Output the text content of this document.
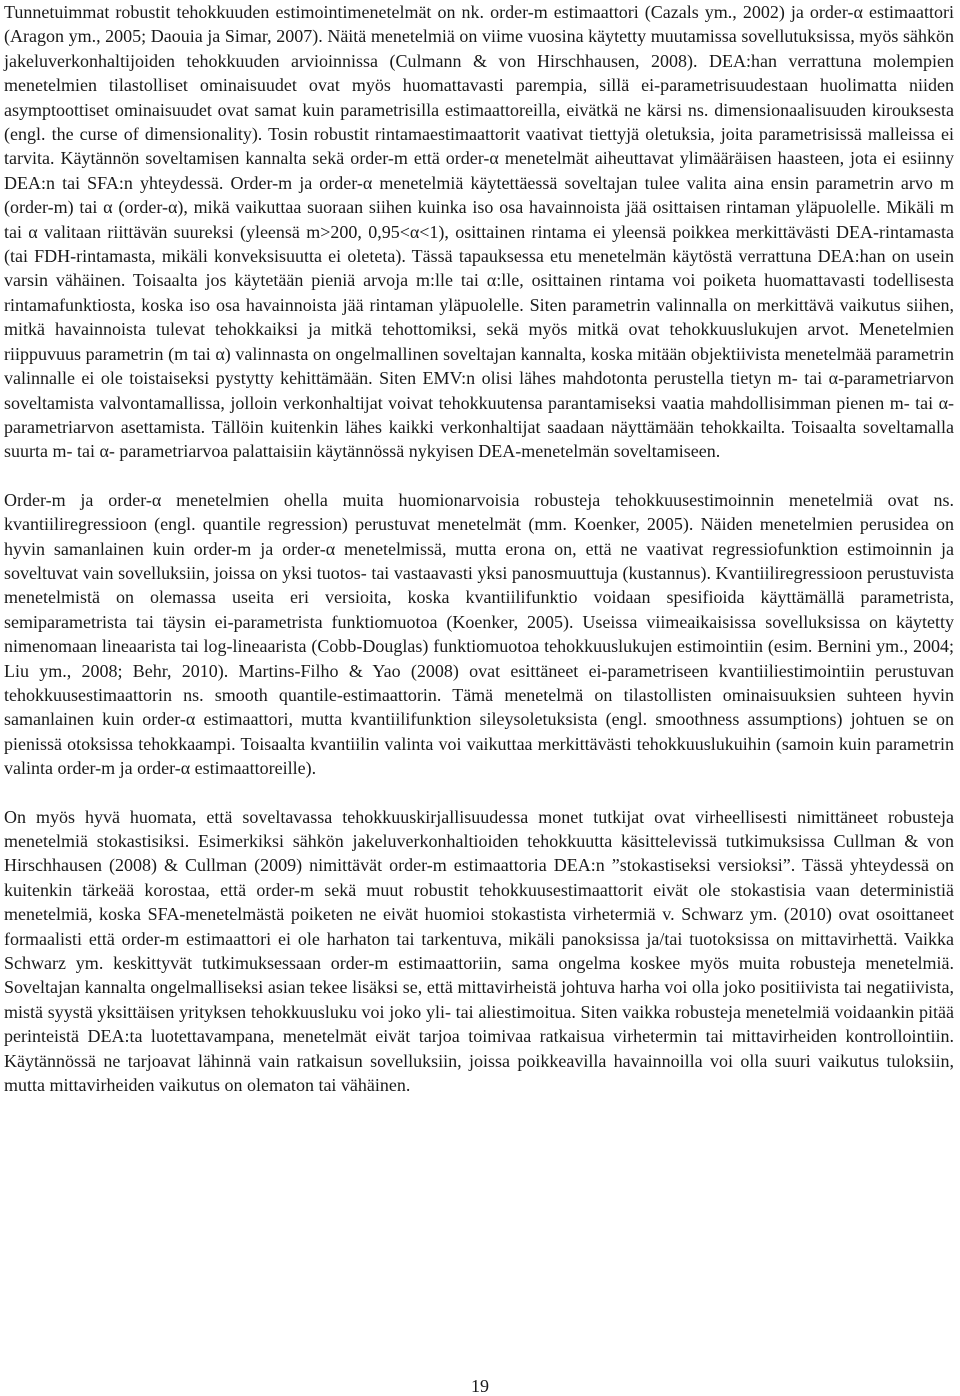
Tunnetuimmat robustit tehokkuuden estimointimenetelmät on nk. order-m estimaattori (Cazals ym., 2002) ja order-α estimaattori (Aragon ym., 2005; Daouia ja Simar, 2007). Näitä menetelmiä on viime vuosina käytetty muutamissa sovellutuksissa, myös sähkön jakeluverkonhaltijoiden tehokkuuden arvioinnissa (Culmann & von Hirschhausen, 2008). DEA:han verrattuna molempien menetelmien tilastolliset ominaisuudet ovat myös huomattavasti parempia, sillä ei-parametrisuudestaan huolimatta niiden asymptoottiset ominaisuudet ovat samat kuin parametrisilla estimaattoreilla, eivätkä ne kärsi ns. dimensionaalisuuden kirouksesta (engl. the curse of dimensionality). Tosin robustit rintamaestimaattorit vaativat tiettyjä oletuksia, joita parametrisissä malleissa ei tarvita. Käytännön soveltamisen kannalta sekä order-m että order-α menetelmät aiheuttavat ylimääräisen haasteen, jota ei esiinny DEA:n tai SFA:n yhteydessä. Order-m ja order-α menetelmiä käytettäessä soveltajan tulee valita aina ensin parametrin arvo m (order-m) tai α (order-α), mikä vaikuttaa suoraan siihen kuinka iso osa havainnoista jää osittaisen rintaman yläpuolelle. Mikäli m tai α valitaan riittävän suureksi (yleensä m>200, 0,95<α<1), osittainen rintama ei yleensä poikkea merkittävästi DEA-rintamasta (tai FDH-rintamasta, mikäli konveksisuutta ei oleteta). Tässä tapauksessa etu menetelmän käytöstä verrattuna DEA:han on usein varsin vähäinen. Toisaalta jos käytetään pieniä arvoja m:lle tai α:lle, osittainen rintama voi poiketa huomattavasti todellisesta rintamafunktiosta, koska iso osa havainnoista jää rintaman yläpuolelle. Siten parametrin valinnalla on merkittävä vaikutus siihen, mitkä havainnoista tulevat tehokkaiksi ja mitkä tehottomiksi, sekä myös mitkä ovat tehokkuuslukujen arvot. Menetelmien riippuvuus parametrin (m tai α) valinnasta on ongelmallinen soveltajan kannalta, koska mitään objektiivista menetelmää parametrin valinnalle ei ole toistaiseksi pystytty kehittämään. Siten EMV:n olisi lähes mahdotonta perustella tietyn m- tai α-parametriarvon soveltamista valvontamallissa, jolloin verkonhaltijat voivat tehokkuutensa parantamiseksi vaatia mahdollisimman pienen m- tai α- parametriarvon asettamista. Tällöin kuitenkin lähes kaikki verkonhaltijat saadaan näyttämään tehokkailta. Toisaalta soveltamalla suurta m- tai α- parametriarvoa palattaisiin käytännössä nykyisen DEA-menetelmän soveltamiseen.

Order-m ja order-α menetelmien ohella muita huomionarvoisia robusteja tehokkuusestimoinnin menetelmiä ovat ns. kvantiiliregressioon (engl. quantile regression) perustuvat menetelmät (mm. Koenker, 2005). Näiden menetelmien perusidea on hyvin samanlainen kuin order-m ja order-α menetelmissä, mutta erona on, että ne vaativat regressiofunktion estimoinnin ja soveltuvat vain sovelluksiin, joissa on yksi tuotos- tai vastaavasti yksi panosmuuttuja (kustannus). Kvantiiliregressioon perustuvista menetelmistä on olemassa useita eri versioita, koska kvantiilifunktio voidaan spesifioida käyttämällä parametrista, semiparametrista tai täysin ei-parametrista funktiomuotoa (Koenker, 2005). Useissa viimeaikaisissa sovelluksissa on käytetty nimenomaan lineaarista tai log-lineaarista (Cobb-Douglas) funktiomuotoa tehokkuuslukujen estimointiin (esim. Bernini ym., 2004; Liu ym., 2008; Behr, 2010). Martins-Filho & Yao (2008) ovat esittäneet ei-parametriseen kvantiiliestimointiin perustuvan tehokkuusestimaattorin ns. smooth quantile-estimaattorin. Tämä menetelmä on tilastollisten ominaisuuksien suhteen hyvin samanlainen kuin order-α estimaattori, mutta kvantiilifunktion sileysoletuksista (engl. smoothness assumptions) johtuen se on pienissä otoksissa tehokkaampi. Toisaalta kvantiilin valinta voi vaikuttaa merkittävästi tehokkuuslukuihin (samoin kuin parametrin valinta order-m ja order-α estimaattoreille).

On myös hyvä huomata, että soveltavassa tehokkuuskirjallisuudessa monet tutkijat ovat virheellisesti nimittäneet robusteja menetelmiä stokastisiksi. Esimerkiksi sähkön jakeluverkonhaltioiden tehokkuutta käsittelevissä tutkimuksissa Cullman & von Hirschhausen (2008) & Cullman (2009) nimittävät order-m estimaattoria DEA:n ”stokastiseksi versioksi”. Tässä yhteydessä on kuitenkin tärkeää korostaa, että order-m sekä muut robustit tehokkuusestimaattorit eivät ole stokastisia vaan deterministiä menetelmiä, koska SFA-menetelmästä poiketen ne eivät huomioi stokastista virhetermiä v. Schwarz ym. (2010) ovat osoittaneet formaalisti että order-m estimaattori ei ole harhaton tai tarkentuva, mikäli panoksissa ja/tai tuotoksissa on mittavirhettä. Vaikka Schwarz ym. keskittyvät tutkimuksessaan order-m estimaattoriin, sama ongelma koskee myös muita robusteja menetelmiä. Soveltajan kannalta ongelmalliseksi asian tekee lisäksi se, että mittavirheistä johtuva harha voi olla joko positiivista tai negatiivista, mistä syystä yksittäisen yrityksen tehokkuusluku voi joko yli- tai aliestimoitua. Siten vaikka robusteja menetelmiä voidaankin pitää perinteistä DEA:ta luotettavampana, menetelmät eivät tarjoa toimivaa ratkaisua virhetermin tai mittavirheiden kontrollointiin. Käytännössä ne tarjoavat lähinnä vain ratkaisun sovelluksiin, joissa poikkeavilla havainnoilla voi olla suuri vaikutus tuloksiin, mutta mittavirheiden vaikutus on olematon tai vähäinen.

19
